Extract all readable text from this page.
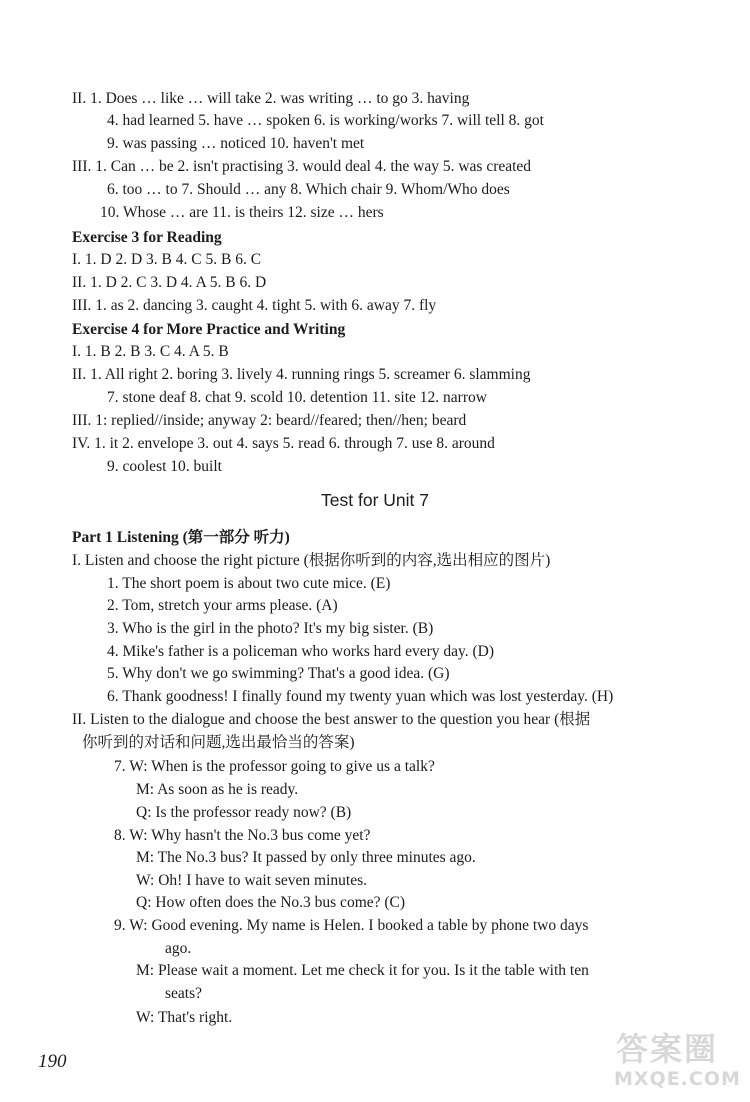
II. 1. Does … like … will take 2. was writing … to go 3. having
4. had learned 5. have … spoken 6. is working/works 7. will tell 8. got
9. was passing … noticed 10. haven't met
III. 1. Can … be 2. isn't practising 3. would deal 4. the way 5. was created
6. too … to 7. Should … any 8. Which chair 9. Whom/Who does
10. Whose … are 11. is theirs 12. size … hers
Exercise 3 for Reading
I. 1. D 2. D 3. B 4. C 5. B 6. C
II. 1. D 2. C 3. D 4. A 5. B 6. D
III. 1. as 2. dancing 3. caught 4. tight 5. with 6. away 7. fly
Exercise 4 for More Practice and Writing
I. 1. B 2. B 3. C 4. A 5. B
II. 1. All right 2. boring 3. lively 4. running rings 5. screamer 6. slamming
7. stone deaf 8. chat 9. scold 10. detention 11. site 12. narrow
III. 1: replied//inside; anyway 2: beard//feared; then//hen; beard
IV. 1. it 2. envelope 3. out 4. says 5. read 6. through 7. use 8. around
9. coolest 10. built
Test for Unit 7
Part 1 Listening (第一部分 听力)
I. Listen and choose the right picture (根据你听到的内容,选出相应的图片)
1. The short poem is about two cute mice. (E)
2. Tom, stretch your arms please. (A)
3. Who is the girl in the photo? It's my big sister. (B)
4. Mike's father is a policeman who works hard every day. (D)
5. Why don't we go swimming? That's a good idea. (G)
6. Thank goodness! I finally found my twenty yuan which was lost yesterday. (H)
II. Listen to the dialogue and choose the best answer to the question you hear (根据
你听到的对话和问题,选出最恰当的答案)
7. W: When is the professor going to give us a talk?
M: As soon as he is ready.
Q: Is the professor ready now? (B)
8. W: Why hasn't the No.3 bus come yet?
M: The No.3 bus? It passed by only three minutes ago.
W: Oh! I have to wait seven minutes.
Q: How often does the No.3 bus come? (C)
9. W: Good evening. My name is Helen. I booked a table by phone two days
ago.
M: Please wait a moment. Let me check it for you. Is it the table with ten
seats?
W: That's right.
190	答案圈
MXQE.COM
